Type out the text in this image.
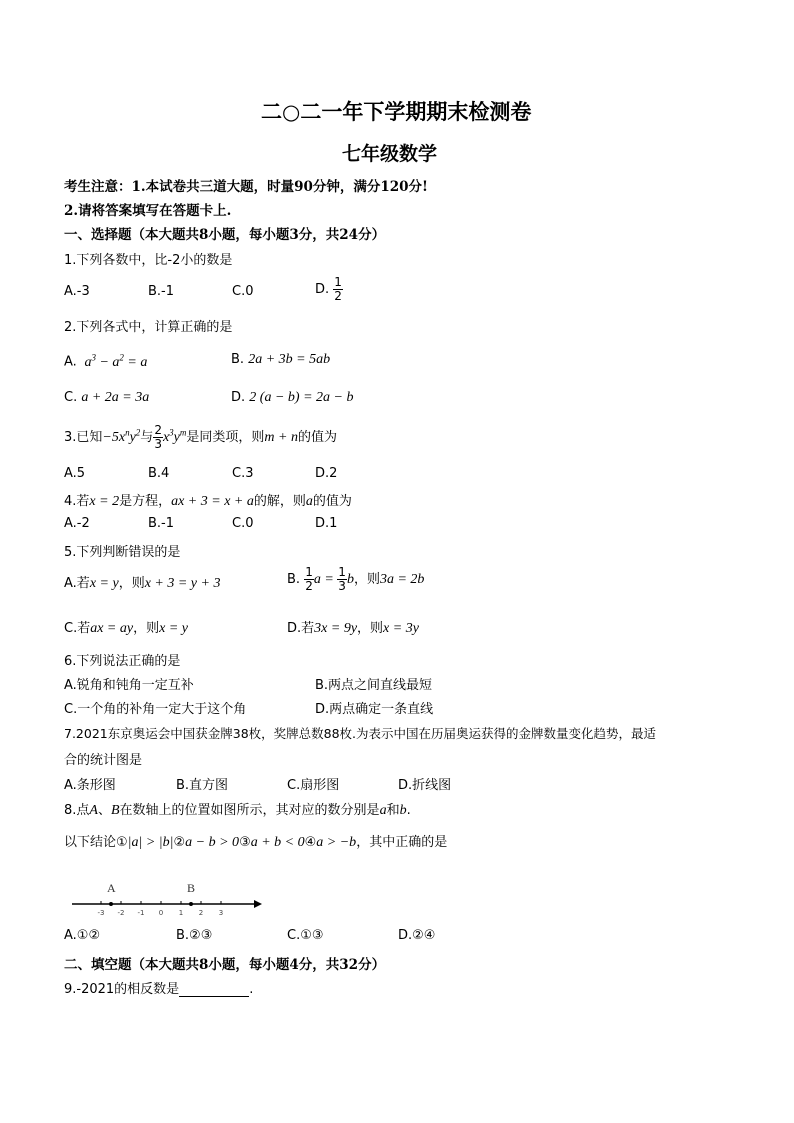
二○二一年下学期期末检测卷
七年级数学
考生注意：1.本试卷共三道大题，时量90分钟，满分120分!
2.请将答案填写在答题卡上.
一、选择题（本大题共8小题，每小题3分，共24分）
1.下列各数中，比-2小的数是
A.-3	B.-1	C.0	D. $\frac{1}{2}$
2.下列各式中，计算正确的是
A.  $a^3 - a^2 = a$	B. 2a + 3b = 5ab
C. a + 2a = 3a	D. 2 (a − b) = 2a − b
3.已知$-5x^ny^2$与 $\frac{2}{3} x^3y^m$是同类项，则m + n的值为
A.5	B.4	C.3	D.2
4.若x = 2是方程，ax + 3 = x + a的解，则a的值为
A.-2	B.-1	C.0	D.1
5.下列判断错误的是
A.若x = y，则x + 3 = y + 3	B. $\frac{1}{2}$ $a = \frac{1}{3}$ b，则3a = 2b
C.若ax = ay，则x = y	D.若3x = 9y，则x = 3y
6.下列说法正确的是
A.锐角和钝角一定互补	B.两点之间直线最短
C.一个角的补角一定大于这个角	D.两点确定一条直线
7.2021东京奥运会中国获金牌38枚，奖牌总数88枚.为表示中国在历届奥运获得的金牌数量变化趋势，最适
合的统计图是
A.条形图	B.直方图	C.扇形图	D.折线图
8.点A、B在数轴上的位置如图所示，其对应的数分别是a和b.
以下结论①|a| > |b|②a − b > 0③a + b < 0④a > −b，其中正确的是
-3 -2 -1 0 1 2 3
A	B
A.①②	B.②③	C.①③	D.②④
二、填空题（本大题共8小题，每小题4分，共32分）
9.-2021的相反数是	.
